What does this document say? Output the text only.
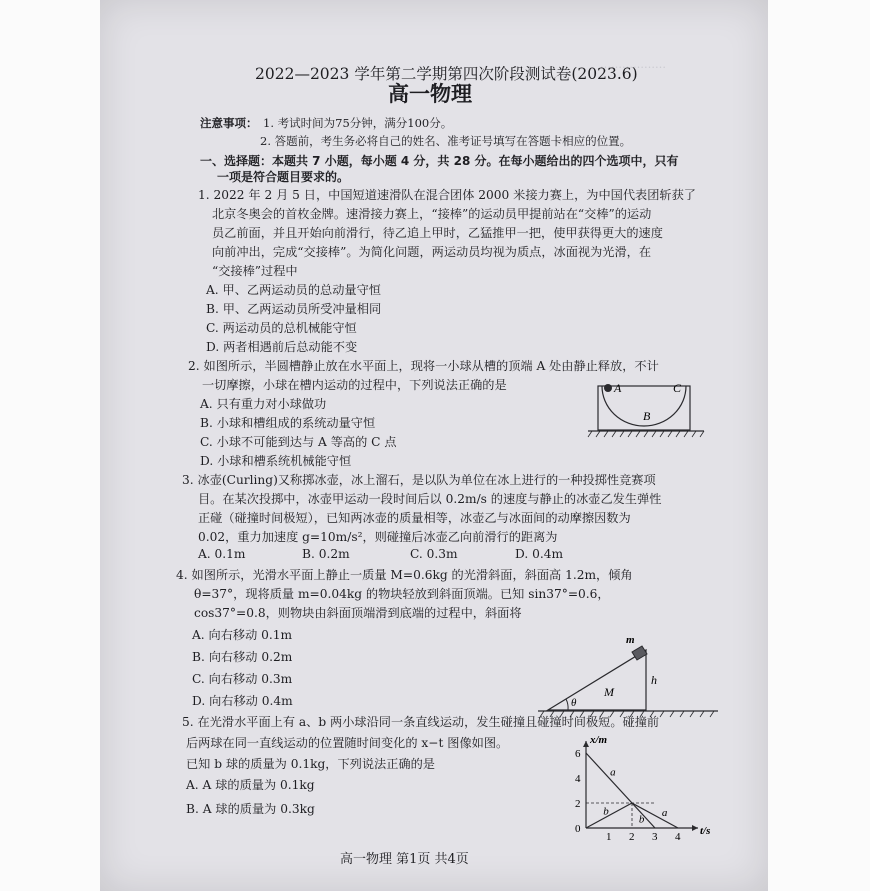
………………
2022—2023 学年第二学期第四次阶段测试卷(2023.6)
高一物理
注意事项： 1. 考试时间为75分钟，满分100分。
2. 答题前，考生务必将自己的姓名、准考证号填写在答题卡相应的位置。
一、选择题：本题共 7 小题，每小题 4 分，共 28 分。在每小题给出的四个选项中，只有
一项是符合题目要求的。
1. 2022 年 2 月 5 日，中国短道速滑队在混合团体 2000 米接力赛上，为中国代表团斩获了
北京冬奥会的首枚金牌。速滑接力赛上，“接棒”的运动员甲提前站在“交棒”的运动
员乙前面，并且开始向前滑行，待乙追上甲时，乙猛推甲一把，使甲获得更大的速度
向前冲出，完成“交接棒”。为简化问题，两运动员均视为质点，冰面视为光滑，在
“交接棒”过程中
A. 甲、乙两运动员的总动量守恒
B. 甲、乙两运动员所受冲量相同
C. 两运动员的总机械能守恒
D. 两者相遇前后总动能不变
2. 如图所示，半圆槽静止放在水平面上，现将一小球从槽的顶端 A 处由静止释放，不计
一切摩擦，小球在槽内运动的过程中，下列说法正确的是
A. 只有重力对小球做功
B. 小球和槽组成的系统动量守恒
C. 小球不可能到达与 A 等高的 C 点
D. 小球和槽系统机械能守恒
A	C
B
3. 冰壶(Curling)又称掷冰壶，冰上溜石，是以队为单位在冰上进行的一种投掷性竞赛项
目。在某次投掷中，冰壶甲运动一段时间后以 0.2m/s 的速度与静止的冰壶乙发生弹性
正碰（碰撞时间极短），已知两冰壶的质量相等，冰壶乙与冰面间的动摩擦因数为
0.02，重力加速度 g=10m/s²，则碰撞后冰壶乙向前滑行的距离为
A. 0.1m	B. 0.2m	C. 0.3m	D. 0.4m
4. 如图所示，光滑水平面上静止一质量 M=0.6kg 的光滑斜面，斜面高 1.2m，倾角
θ=37°，现将质量 m=0.04kg 的物块轻放到斜面顶端。已知 sin37°=0.6，
cos37°=0.8，则物块由斜面顶端滑到底端的过程中，斜面将
A. 向右移动 0.1m
B. 向右移动 0.2m
C. 向右移动 0.3m
D. 向右移动 0.4m	θ
m
M
h
5. 在光滑水平面上有 a、b 两小球沿同一条直线运动，发生碰撞且碰撞时间极短。碰撞前
后两球在同一直线运动的位置随时间变化的 x−t 图像如图。
已知 b 球的质量为 0.1kg，下列说法正确的是
A. A 球的质量为 0.1kg
B. A 球的质量为 0.3kg
6
4
2
0
1 2 3 4
x/m
t/s
a
a
b
b
高一物理 第1页 共4页
